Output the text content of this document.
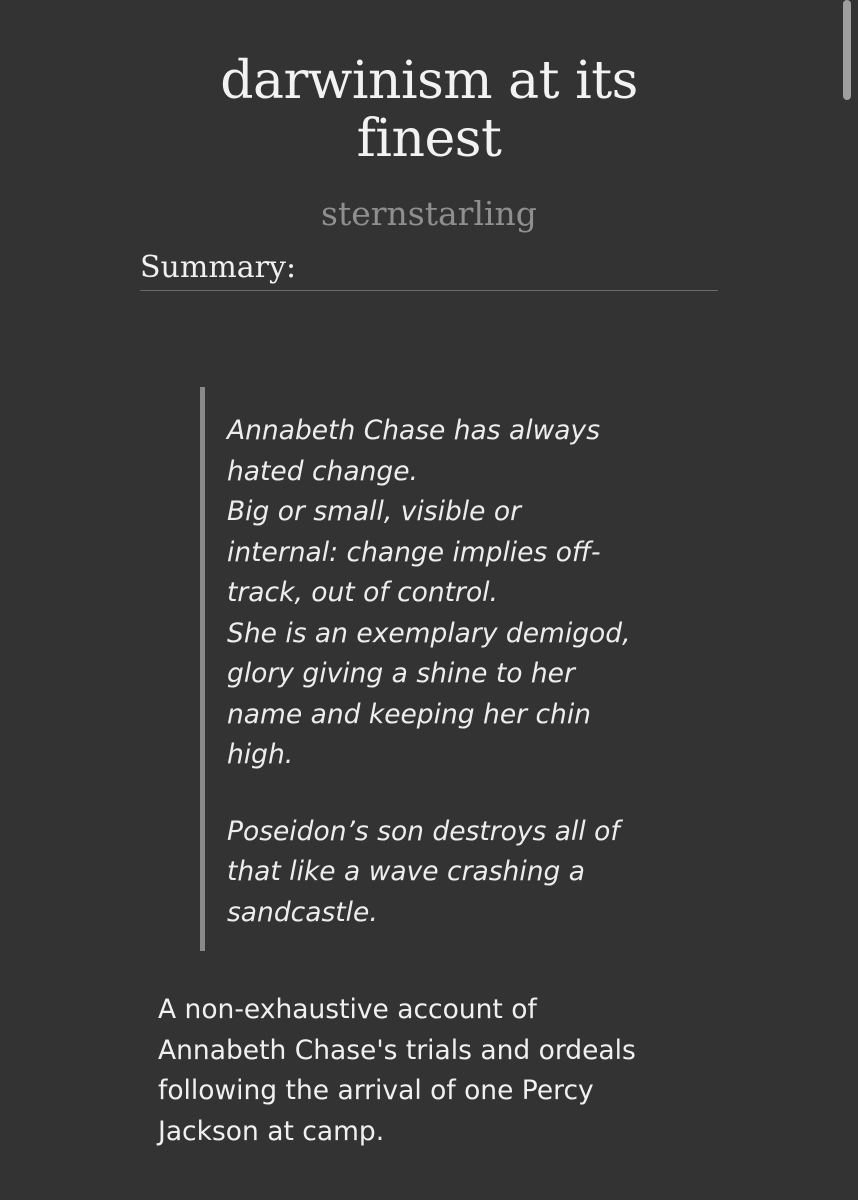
darwinism at its finest
sternstarling
Summary:

Annabeth Chase has always
hated change.
Big or small, visible or
internal: change implies off-
track, out of control.
She is an exemplary demigod,
glory giving a shine to her
name and keeping her chin
high.

Poseidon’s son destroys all of
that like a wave crashing a
sandcastle.

A non-exhaustive account of
Annabeth Chase's trials and ordeals
following the arrival of one Percy
Jackson at camp.
